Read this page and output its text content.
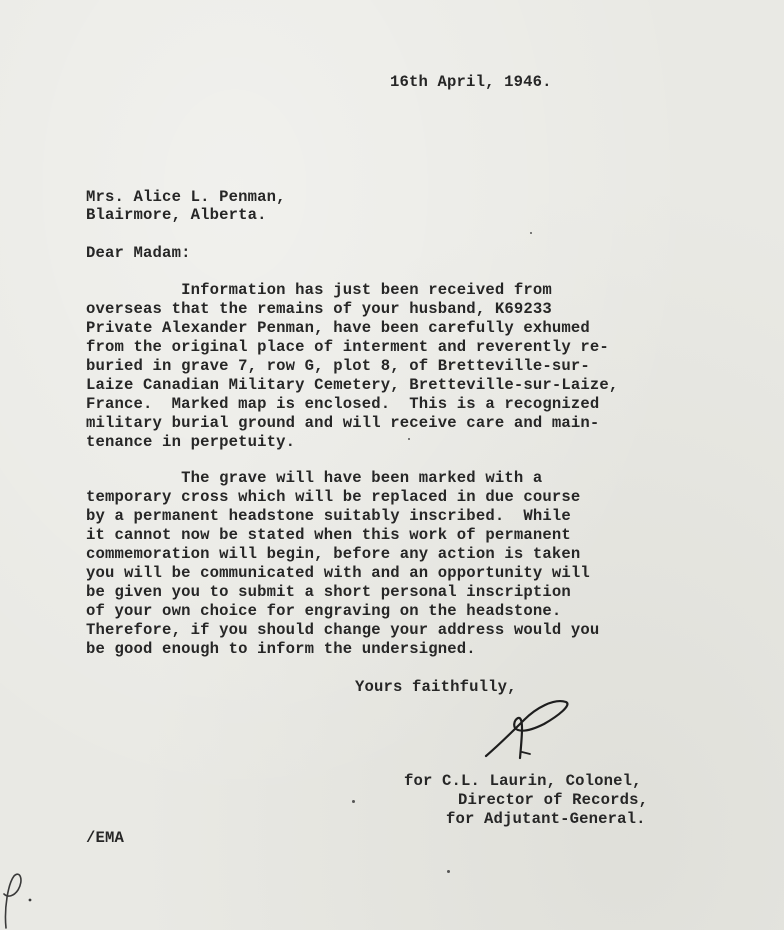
16th April, 1946.
Mrs. Alice L. Penman,
Blairmore, Alberta.
Dear Madam:
Information has just been received from
overseas that the remains of your husband, K69233
Private Alexander Penman, have been carefully exhumed
from the original place of interment and reverently re-
buried in grave 7, row G, plot 8, of Bretteville-sur-
Laize Canadian Military Cemetery, Bretteville-sur-Laize,
France.  Marked map is enclosed.  This is a recognized
military burial ground and will receive care and main-
tenance in perpetuity.
The grave will have been marked with a
temporary cross which will be replaced in due course
by a permanent headstone suitably inscribed.  While
it cannot now be stated when this work of permanent
commemoration will begin, before any action is taken
you will be communicated with and an opportunity will
be given you to submit a short personal inscription
of your own choice for engraving on the headstone.
Therefore, if you should change your address would you
be good enough to inform the undersigned.
Yours faithfully,
for C.L. Laurin, Colonel,
Director of Records,
for Adjutant-General.
/EMA
